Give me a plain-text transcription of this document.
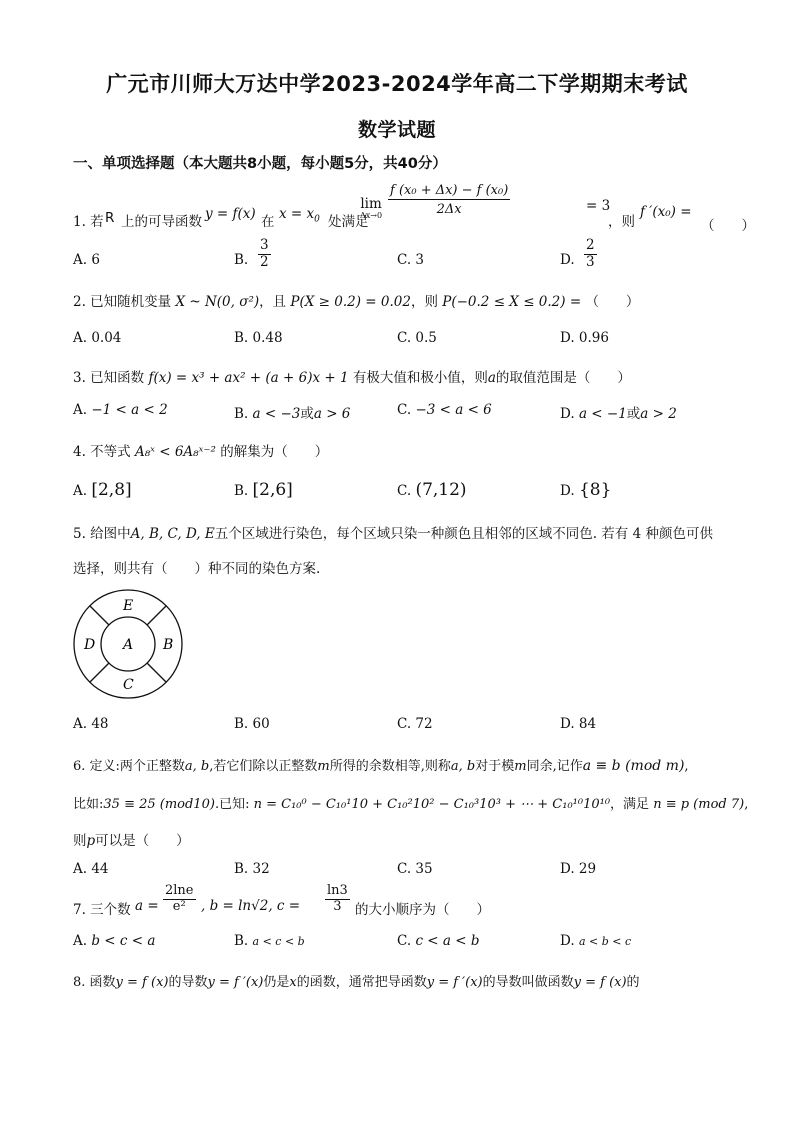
广元市川师大万达中学2023-2024学年高二下学期期末考试
数学试题
一、单项选择题（本大题共8小题，每小题5分，共40分）
1. 若 R 上的可导函数 y = f(x) 在 $x = x_0$ 处满足
lim
$\Delta x\to 0 \frac{\text{f (x₀ + Δx) − f (x₀)}}{2\Delta x}$	= 3
，则
f ′(x₀) =
（　　）
A. 6	B. $\frac{3}{2}$	C. 3	D. $\frac{2}{3}$
2. 已知随机变量 X ~ N(0, σ²)，且 P(X ≥ 0.2) = 0.02，则 P(−0.2 ≤ X ≤ 0.2) = （　　）
A. 0.04	B. 0.48	C. 0.5	D. 0.96
3. 已知函数 f(x) = x³ + ax² + (a + 6)x + 1 有极大值和极小值，则a的取值范围是（　　）
A. −1 < a < 2	B. a < −3或a > 6	C. −3 < a < 6	D. a < −1或a > 2
4. 不等式 A₈ˣ < 6A₈ˣ⁻² 的解集为（　　）
A. [2,8]	B. [2,6]	C. (7,12)	D. {8}
5. 给图中A, B, C, D, E五个区域进行染色，每个区域只染一种颜色且相邻的区域不同色. 若有 4 种颜色可供
选择，则共有（　　）种不同的染色方案.
E
D A B
C
A. 48	B. 60	C. 72	D. 84
6. 定义:两个正整数a, b,若它们除以正整数m所得的余数相等,则称a, b对于模m同余,记作a ≡ b (mod m),
比如:35 ≡ 25 (mod10).已知: n = C₁₀⁰ − C₁₀¹10 + C₁₀²10² − C₁₀³10³ + ⋯ + C₁₀¹⁰10¹⁰，满足 n ≡ p (mod 7),
则p可以是（　　）
A. 44	B. 32	C. 35	D. 29
7. 三个数 $a = \frac{2\ln e}{\text{e²}}$ , b = ln√2, $c = \frac{\ln 3}{3}$ 的大小顺序为（　　）
A. b < c < a	B. a < c < b	C. c < a < b	D. a < b < c
8. 函数y = f (x)的导数y = f ′(x)仍是x的函数，通常把导函数y = f ′(x)的导数叫做函数y = f (x)的
